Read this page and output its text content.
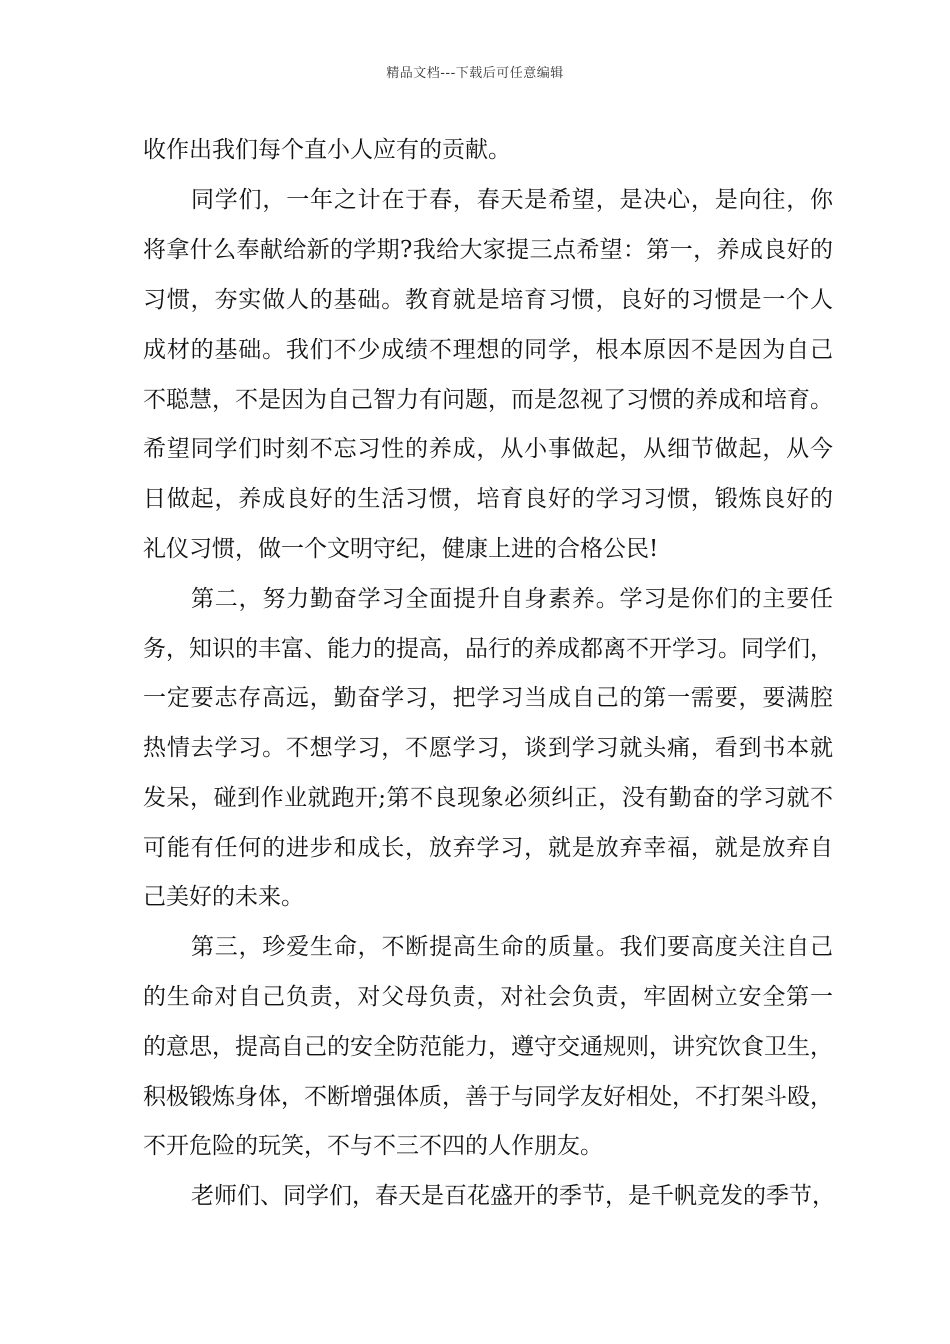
精品文档---下载后可任意编辑
收作出我们每个直小人应有的贡献。
同学们，一年之计在于春，春天是希望，是决心，是向往，你
将拿什么奉献给新的学期?我给大家提三点希望：第一，养成良好的
习惯，夯实做人的基础。教育就是培育习惯，良好的习惯是一个人
成材的基础。我们不少成绩不理想的同学，根本原因不是因为自己
不聪慧，不是因为自己智力有问题，而是忽视了习惯的养成和培育。
希望同学们时刻不忘习性的养成，从小事做起，从细节做起，从今
日做起，养成良好的生活习惯，培育良好的学习习惯，锻炼良好的
礼仪习惯，做一个文明守纪，健康上进的合格公民!
第二，努力勤奋学习全面提升自身素养。学习是你们的主要任
务，知识的丰富、能力的提高，品行的养成都离不开学习。同学们，
一定要志存高远，勤奋学习，把学习当成自己的第一需要，要满腔
热情去学习。不想学习，不愿学习，谈到学习就头痛，看到书本就
发呆，碰到作业就跑开;第不良现象必须纠正，没有勤奋的学习就不
可能有任何的进步和成长，放弃学习，就是放弃幸福，就是放弃自
己美好的未来。
第三，珍爱生命，不断提高生命的质量。我们要高度关注自己
的生命对自己负责，对父母负责，对社会负责，牢固树立安全第一
的意思，提高自己的安全防范能力，遵守交通规则，讲究饮食卫生，
积极锻炼身体，不断增强体质，善于与同学友好相处，不打架斗殴，
不开危险的玩笑，不与不三不四的人作朋友。
老师们、同学们，春天是百花盛开的季节，是千帆竞发的季节，
